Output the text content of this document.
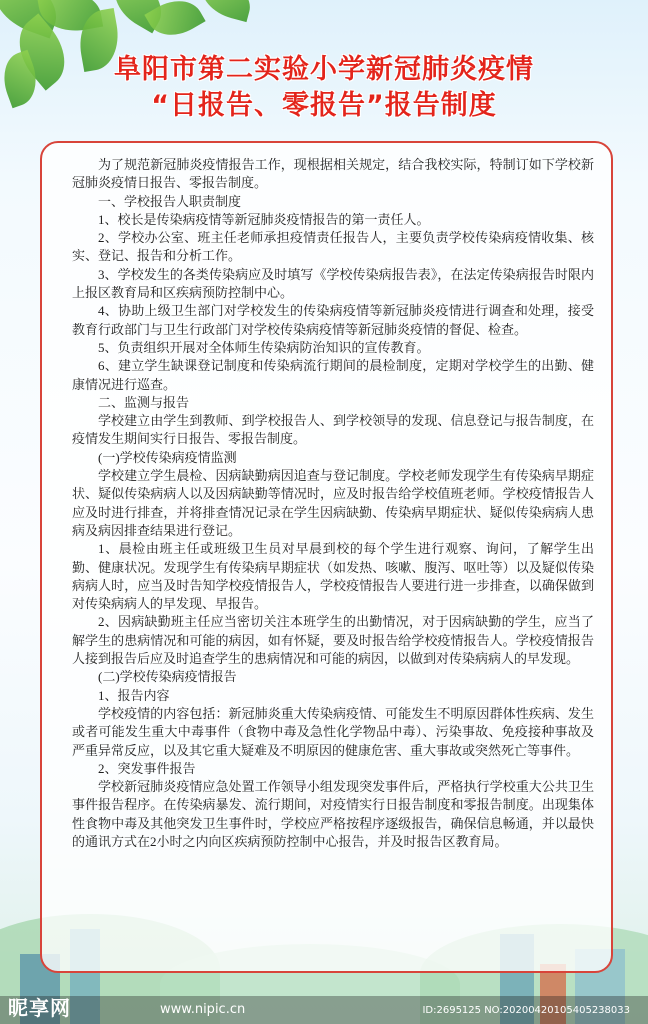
阜阳市第二实验小学新冠肺炎疫情
“日报告、零报告”报告制度

为了规范新冠肺炎疫情报告工作，现根据相关规定，结合我校实际，特制订如下学校新冠肺炎疫情日报告、零报告制度。

一、学校报告人职责制度

1、校长是传染病疫情等新冠肺炎疫情报告的第一责任人。

2、学校办公室、班主任老师承担疫情责任报告人，主要负责学校传染病疫情收集、核实、登记、报告和分析工作。

3、学校发生的各类传染病应及时填写《学校传染病报告表》，在法定传染病报告时限内上报区教育局和区疾病预防控制中心。

4、协助上级卫生部门对学校发生的传染病疫情等新冠肺炎疫情进行调查和处理，接受教育行政部门与卫生行政部门对学校传染病疫情等新冠肺炎疫情的督促、检查。

5、负责组织开展对全体师生传染病防治知识的宣传教育。

6、建立学生缺课登记制度和传染病流行期间的晨检制度，定期对学校学生的出勤、健康情况进行巡查。

二、监测与报告

学校建立由学生到教师、到学校报告人、到学校领导的发现、信息登记与报告制度，在疫情发生期间实行日报告、零报告制度。

(一)学校传染病疫情监测

学校建立学生晨检、因病缺勤病因追查与登记制度。学校老师发现学生有传染病早期症状、疑似传染病病人以及因病缺勤等情况时，应及时报告给学校值班老师。学校疫情报告人应及时进行排查，并将排查情况记录在学生因病缺勤、传染病早期症状、疑似传染病病人患病及病因排查结果进行登记。

1、晨检由班主任或班级卫生员对早晨到校的每个学生进行观察、询问，了解学生出勤、健康状况。发现学生有传染病早期症状（如发热、咳嗽、腹泻、呕吐等）以及疑似传染病病人时，应当及时告知学校疫情报告人，学校疫情报告人要进行进一步排查，以确保做到对传染病病人的早发现、早报告。

2、因病缺勤班主任应当密切关注本班学生的出勤情况，对于因病缺勤的学生，应当了解学生的患病情况和可能的病因，如有怀疑，要及时报告给学校疫情报告人。学校疫情报告人接到报告后应及时追查学生的患病情况和可能的病因，以做到对传染病病人的早发现。

(二)学校传染病疫情报告

1、报告内容

学校疫情的内容包括：新冠肺炎重大传染病疫情、可能发生不明原因群体性疾病、发生或者可能发生重大中毒事件（食物中毒及急性化学物品中毒）、污染事故、免疫接种事故及严重异常反应，以及其它重大疑难及不明原因的健康危害、重大事故或突然死亡等事件。

2、突发事件报告

学校新冠肺炎疫情应急处置工作领导小组发现突发事件后，严格执行学校重大公共卫生事件报告程序。在传染病暴发、流行期间，对疫情实行日报告制度和零报告制度。出现集体性食物中毒及其他突发卫生事件时，学校应严格按程序逐级报告，确保信息畅通，并以最快的通讯方式在2小时之内向区疾病预防控制中心报告，并及时报告区教育局。

昵享网	www.nipic.cn	ID:2695125 NO:20200420105405238033
